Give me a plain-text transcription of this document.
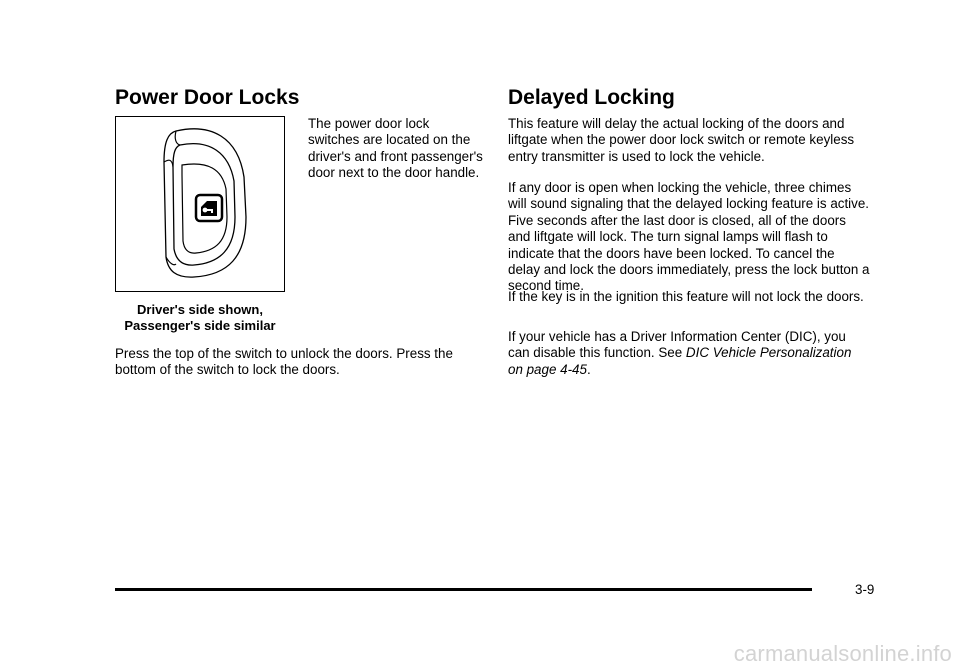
Power Door Locks
Driver's side shown,
Passenger's side similar

The power door lock switches are located on the driver's and front passenger's door next to the door handle.

Press the top of the switch to unlock the doors. Press the bottom of the switch to lock the doors.

Delayed Locking

This feature will delay the actual locking of the doors and liftgate when the power door lock switch or remote keyless entry transmitter is used to lock the vehicle.

If any door is open when locking the vehicle, three chimes will sound signaling that the delayed locking feature is active. Five seconds after the last door is closed, all of the doors and liftgate will lock. The turn signal lamps will flash to indicate that the doors have been locked. To cancel the delay and lock the doors immediately, press the lock button a second time.

If the key is in the ignition this feature will not lock the doors.

If your vehicle has a Driver Information Center (DIC), you can disable this function. See DIC Vehicle Personalization on page 4-45.

3-9
carmanualsonline.info
